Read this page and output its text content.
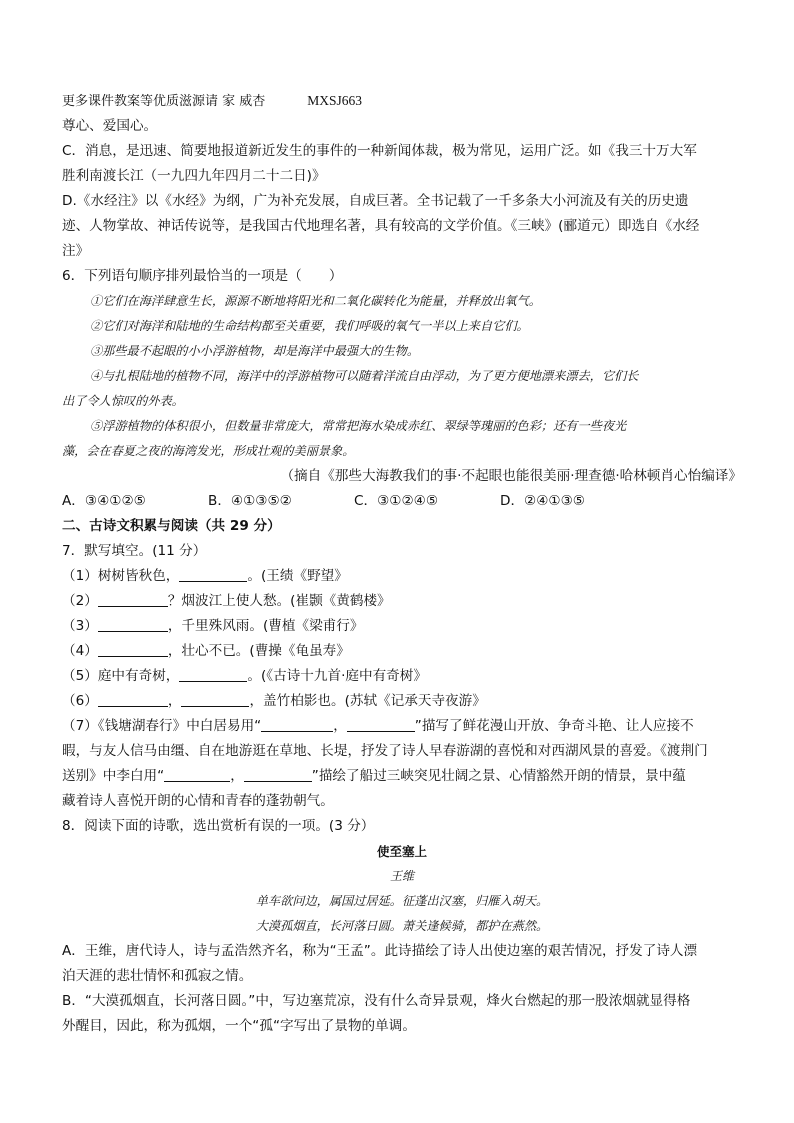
更多课件教案等优质滋源请 家 威杏	MXSJ663
尊心、爱国心。
C．消息，是迅速、简要地报道新近发生的事件的一种新闻体裁，极为常见，运用广泛。如《我三十万大军
胜利南渡长江（一九四九年四月二十二日)》
D.《水经注》以《水经》为纲，广为补充发展，自成巨著。全书记载了一千多条大小河流及有关的历史遗
迹、人物掌故、神话传说等，是我国古代地理名著，具有较高的文学价值。《三峡》(郦道元）即选自《水经
注》
6．下列语句顺序排列最恰当的一项是（　　）
①它们在海洋肆意生长，源源不断地将阳光和二氧化碳转化为能量，并释放出氧气。
②它们对海洋和陆地的生命结构都至关重要，我们呼吸的氧气一半以上来自它们。
③那些最不起眼的小小浮游植物，却是海洋中最强大的生物。
④与扎根陆地的植物不同，海洋中的浮游植物可以随着洋流自由浮动，为了更方便地漂来漂去，它们长
出了令人惊叹的外表。
⑤浮游植物的体积很小，但数量非常庞大，常常把海水染成赤红、翠绿等瑰丽的色彩；还有一些夜光
藻，会在春夏之夜的海湾发光，形成壮观的美丽景象。
（摘自《那些大海教我们的事·不起眼也能很美丽·理查德·哈林顿肖心怡编译》
A．③④①②⑤	B．④①③⑤②	C．③①②④⑤	D．②④①③⑤
二、古诗文积累与阅读（共 29 分）
7．默写填空。(11 分）
（1）树树皆秋色，	。(王绩《野望》
（2）	？烟波江上使人愁。(崔颢《黄鹤楼》
（3）	，千里殊风雨。(曹植《梁甫行》
（4）	，壮心不已。(曹操《龟虽寿》
（5）庭中有奇树，	。(《古诗十九首·庭中有奇树》
（6）	，	，盖竹柏影也。(苏轼《记承天寺夜游》
（7）《钱塘湖春行》中白居易用“	，	”描写了鲜花漫山开放、争奇斗艳、让人应接不
暇，与友人信马由缰、自在地游逛在草地、长堤，抒发了诗人早春游湖的喜悦和对西湖风景的喜爱。《渡荆门
送别》中李白用“	，	”描绘了船过三峡突见壮阔之景、心情豁然开朗的情景，景中蕴
藏着诗人喜悦开朗的心情和青春的蓬勃朝气。
8．阅读下面的诗歌，选出赏析有误的一项。(3 分）
使至塞上
王维
单车欲问边，属国过居延。征蓬出汉塞，归雁入胡天。
大漠孤烟直，长河落日圆。萧关逢候骑，都护在燕然。
A．王维，唐代诗人，诗与孟浩然齐名，称为“王孟”。此诗描绘了诗人出使边塞的艰苦情况，抒发了诗人漂
泊天涯的悲壮情怀和孤寂之情。
B．“大漠孤烟直，长河落日圆。”中，写边塞荒凉，没有什么奇异景观，烽火台燃起的那一股浓烟就显得格
外醒目，因此，称为孤烟，一个“孤“字写出了景物的单调。
